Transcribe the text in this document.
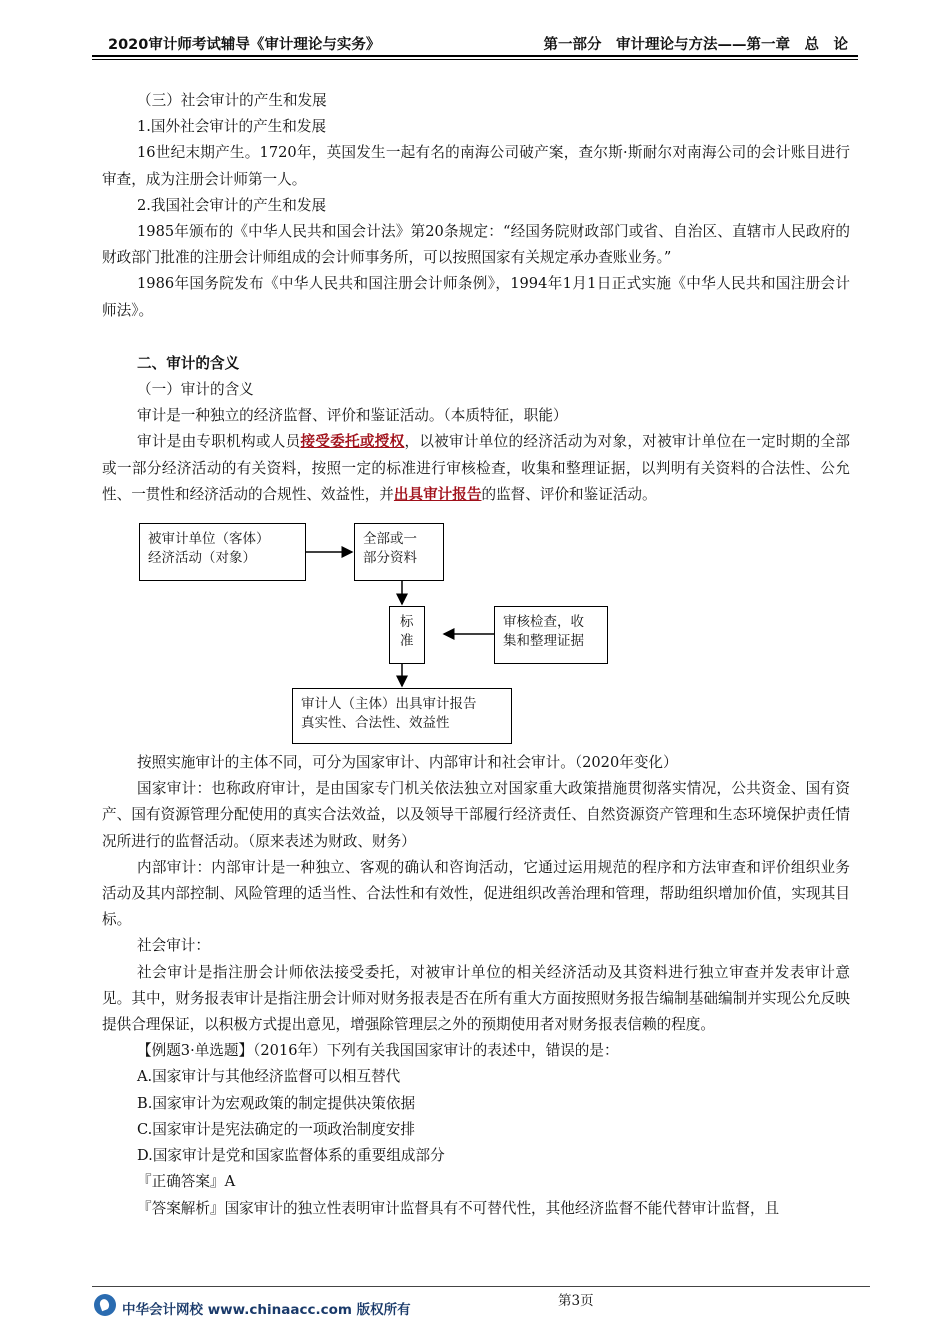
2020审计师考试辅导《审计理论与实务》	第一部分　审计理论与方法——第一章　总　论

（三）社会审计的产生和发展

1.国外社会审计的产生和发展

16世纪末期产生。1720年，英国发生一起有名的南海公司破产案，查尔斯·斯耐尔对南海公司的会计账目进行审查，成为注册会计师第一人。

2.我国社会审计的产生和发展

1985年颁布的《中华人民共和国会计法》第20条规定：“经国务院财政部门或省、自治区、直辖市人民政府的财政部门批准的注册会计师组成的会计师事务所，可以按照国家有关规定承办查账业务。”

1986年国务院发布《中华人民共和国注册会计师条例》，1994年1月1日正式实施《中华人民共和国注册会计师法》。

二、审计的含义

（一）审计的含义

审计是一种独立的经济监督、评价和鉴证活动。（本质特征，职能）

审计是由专职机构或人员接受委托或授权，以被审计单位的经济活动为对象，对被审计单位在一定时期的全部或一部分经济活动的有关资料，按照一定的标准进行审核检查，收集和整理证据，以判明有关资料的合法性、公允性、一贯性和经济活动的合规性、效益性，并出具审计报告的监督、评价和鉴证活动。

被审计单位（客体）
经济活动（对象）
全部或一
部分资料
标
准
审核检查，收
集和整理证据
审计人（主体）出具审计报告
真实性、合法性、效益性

按照实施审计的主体不同，可分为国家审计、内部审计和社会审计。（2020年变化）

国家审计：也称政府审计，是由国家专门机关依法独立对国家重大政策措施贯彻落实情况，公共资金、国有资产、国有资源管理分配使用的真实合法效益，以及领导干部履行经济责任、自然资源资产管理和生态环境保护责任情况所进行的监督活动。（原来表述为财政、财务）

内部审计：内部审计是一种独立、客观的确认和咨询活动，它通过运用规范的程序和方法审查和评价组织业务活动及其内部控制、风险管理的适当性、合法性和有效性，促进组织改善治理和管理，帮助组织增加价值，实现其目标。

社会审计：

社会审计是指注册会计师依法接受委托，对被审计单位的相关经济活动及其资料进行独立审查并发表审计意见。其中，财务报表审计是指注册会计师对财务报表是否在所有重大方面按照财务报告编制基础编制并实现公允反映提供合理保证，以积极方式提出意见，增强除管理层之外的预期使用者对财务报表信赖的程度。

【例题3·单选题】（2016年）下列有关我国国家审计的表述中，错误的是：

A.国家审计与其他经济监督可以相互替代

B.国家审计为宏观政策的制定提供决策依据

C.国家审计是宪法确定的一项政治制度安排

D.国家审计是党和国家监督体系的重要组成部分

『正确答案』A

『答案解析』国家审计的独立性表明审计监督具有不可替代性，其他经济监督不能代替审计监督，且

中华会计网校 www.chinaacc.com 版权所有
第3页
